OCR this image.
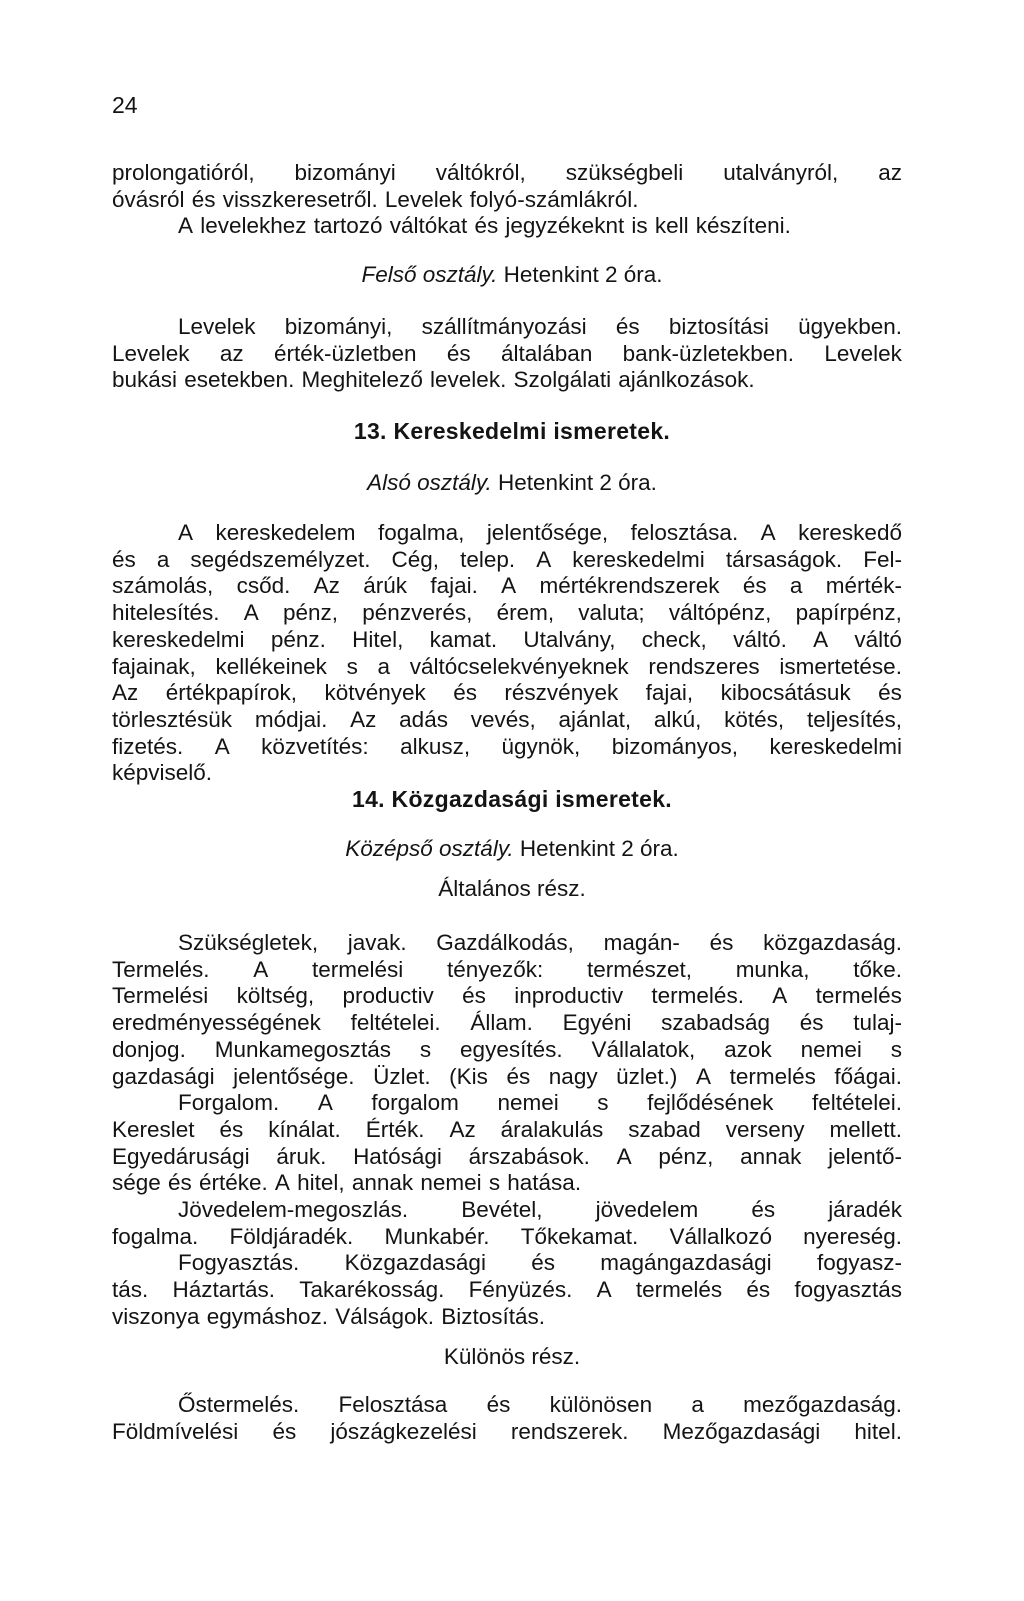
24
prolongatióról, bizományi váltókról, szükségbeli utalványról, az
óvásról és visszkeresetről. Levelek folyó-számlákról.
A levelekhez tartozó váltókat és jegyzékeknt is kell készíteni.
Felső osztály. Hetenkint 2 óra.
Levelek bizományi, szállítmányozási és biztosítási ügyekben.
Levelek az érték-üzletben és általában bank-üzletekben. Levelek
bukási esetekben. Meghitelező levelek. Szolgálati ajánlkozások.
13. Kereskedelmi ismeretek.
Alsó osztály. Hetenkint 2 óra.
A kereskedelem fogalma, jelentősége, felosztása. A kereskedő
és a segédszemélyzet. Cég, telep. A kereskedelmi társaságok. Fel-
számolás, csőd. Az árúk fajai. A mértékrendszerek és a mérték-
hitelesítés. A pénz, pénzverés, érem, valuta; váltópénz, papírpénz,
kereskedelmi pénz. Hitel, kamat. Utalvány, check, váltó. A váltó
fajainak, kellékeinek s a váltócselekvényeknek rendszeres ismertetése.
Az értékpapírok, kötvények és részvények fajai, kibocsátásuk és
törlesztésük módjai. Az adás vevés, ajánlat, alkú, kötés, teljesítés,
fizetés. A közvetítés: alkusz, ügynök, bizományos, kereskedelmi
képviselő.
14. Közgazdasági ismeretek.
Középső osztály. Hetenkint 2 óra.
Általános rész.
Szükségletek, javak. Gazdálkodás, magán- és közgazdaság.
Termelés. A termelési tényezők: természet, munka, tőke.
Termelési költség, productiv és inproductiv termelés. A termelés
eredményességének feltételei. Állam. Egyéni szabadság és tulaj-
donjog. Munkamegosztás s egyesítés. Vállalatok, azok nemei s
gazdasági jelentősége. Üzlet. (Kis és nagy üzlet.) A termelés főágai.
Forgalom. A forgalom nemei s fejlődésének feltételei.
Kereslet és kínálat. Érték. Az áralakulás szabad verseny mellett.
Egyedárusági áruk. Hatósági árszabások. A pénz, annak jelentő-
sége és értéke. A hitel, annak nemei s hatása.
Jövedelem-megoszlás. Bevétel, jövedelem és járadék
fogalma. Földjáradék. Munkabér. Tőkekamat. Vállalkozó nyereség.
Fogyasztás. Közgazdasági és magángazdasági fogyasz-
tás. Háztartás. Takarékosság. Fényüzés. A termelés és fogyasztás
viszonya egymáshoz. Válságok. Biztosítás.
Különös rész.
Őstermelés. Felosztása és különösen a mezőgazdaság.
Földmívelési és jószágkezelési rendszerek. Mezőgazdasági hitel.
